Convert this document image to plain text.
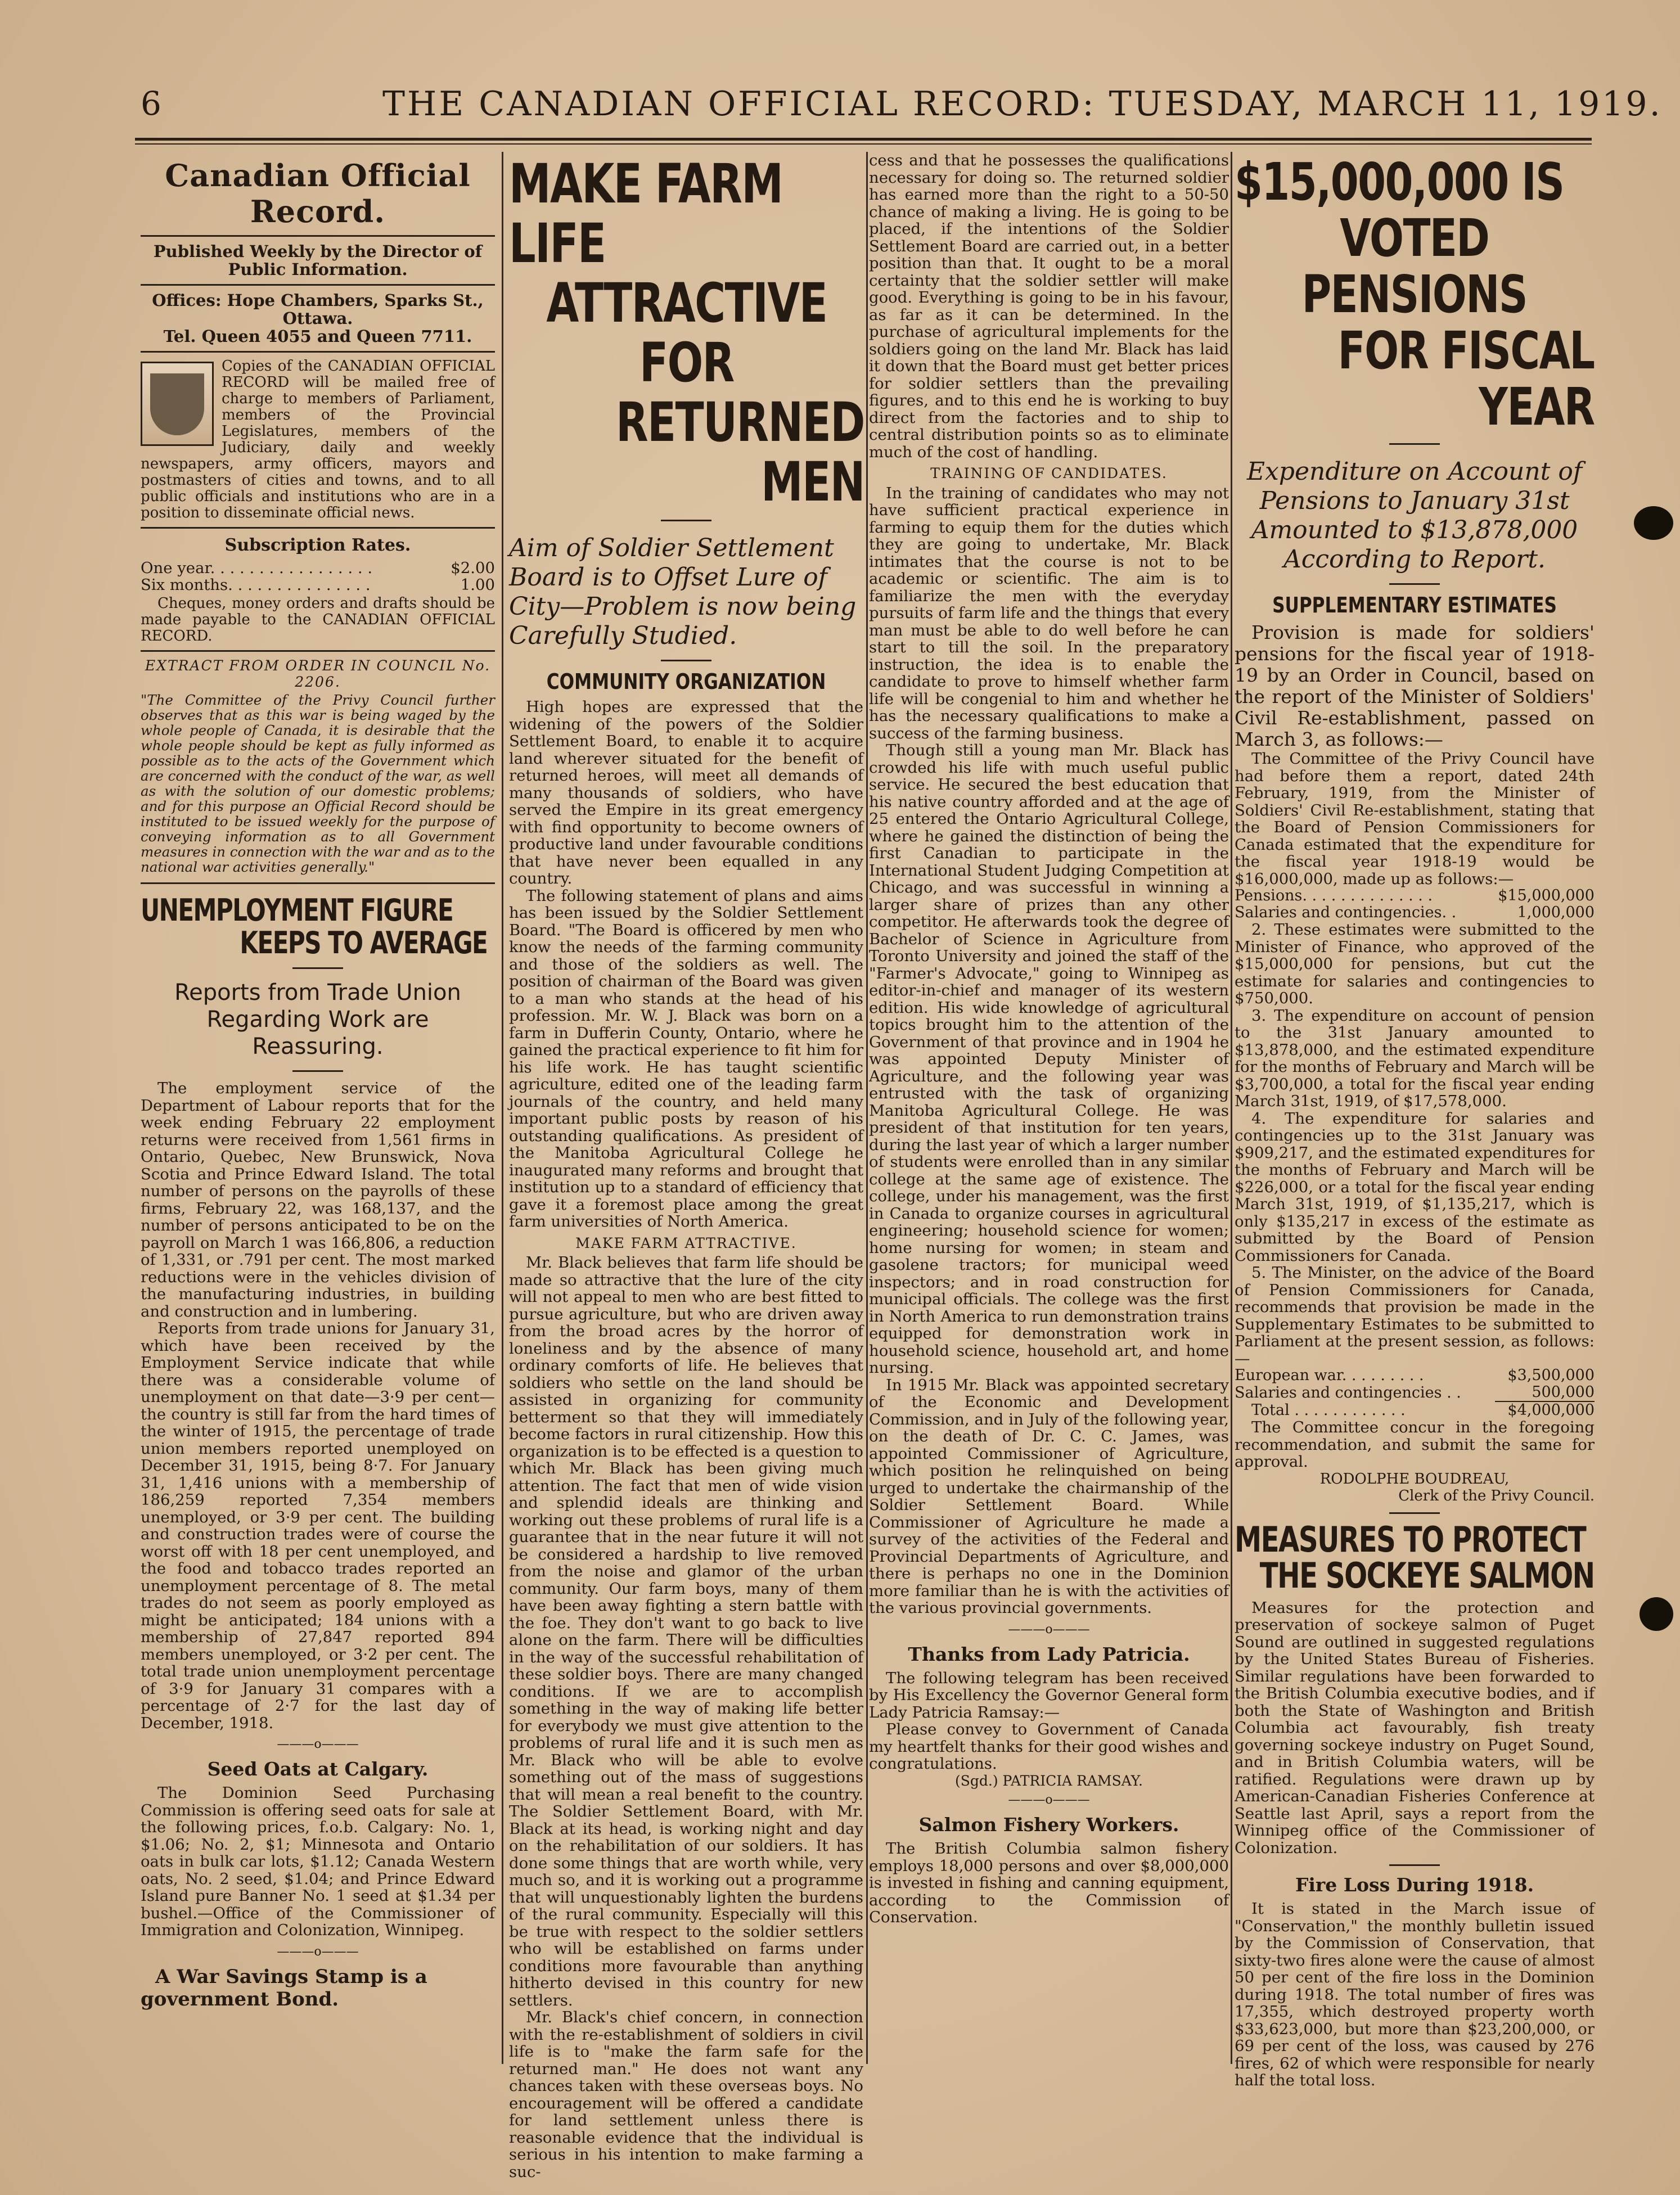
6	THE CANADIAN OFFICIAL RECORD: TUESDAY, MARCH 11, 1919.
Canadian Official Record.
Published Weekly by the Director of Public Information.
Offices: Hope Chambers, Sparks St., Ottawa.
Tel. Queen 4055 and Queen 7711.
Copies of the CANADIAN OFFICIAL RECORD will be mailed free of charge to members of Parliament, members of the Provincial Legislatures, members of the Judiciary, daily and weekly newspapers, army officers, mayors and postmasters of cities and towns, and to all public officials and institutions who are in a position to disseminate official news.
Subscription Rates.
One year. . . . . . . . . . . . . . . . .	$2.00
Six months. . . . . . . . . . . . . . .	1.00

Cheques, money orders and drafts should be made payable to the CANADIAN OFFICIAL RECORD.

EXTRACT FROM ORDER IN COUNCIL No. 2206.
"The Committee of the Privy Council further observes that as this war is being waged by the whole people of Canada, it is desirable that the whole people should be kept as fully informed as possible as to the acts of the Government which are concerned with the conduct of the war, as well as with the solution of our domestic problems; and for this purpose an Official Record should be instituted to be issued weekly for the purpose of conveying information as to all Government measures in connection with the war and as to the national war activities generally."
UNEMPLOYMENT FIGURE
KEEPS TO AVERAGE
Reports from Trade Union Regarding Work are Reassuring.

The employment service of the Department of Labour reports that for the week ending February 22 employment returns were received from 1,561 firms in Ontario, Quebec, New Brunswick, Nova Scotia and Prince Edward Island. The total number of persons on the payrolls of these firms, February 22, was 168,137, and the number of persons anticipated to be on the payroll on March 1 was 166,806, a reduction of 1,331, or .791 per cent. The most marked reductions were in the vehicles division of the manufacturing industries, in building and construction and in lumbering.

Reports from trade unions for January 31, which have been received by the Employment Service indicate that while there was a considerable volume of unemployment on that date—3·9 per cent—the country is still far from the hard times of the winter of 1915, the percentage of trade union members reported unemployed on December 31, 1915, being 8·7. For January 31, 1,416 unions with a membership of 186,259 reported 7,354 members unemployed, or 3·9 per cent. The building and construction trades were of course the worst off with 18 per cent unemployed, and the food and tobacco trades reported an unemployment percentage of 8. The metal trades do not seem as poorly employed as might be anticipated; 184 unions with a membership of 27,847 reported 894 members unemployed, or 3·2 per cent. The total trade union unemployment percentage of 3·9 for January 31 compares with a percentage of 2·7 for the last day of December, 1918.

———o———
Seed Oats at Calgary.

The Dominion Seed Purchasing Commission is offering seed oats for sale at the following prices, f.o.b. Calgary: No. 1, $1.06; No. 2, $1; Minnesota and Ontario oats in bulk car lots, $1.12; Canada Western oats, No. 2 seed, $1.04; and Prince Edward Island pure Banner No. 1 seed at $1.34 per bushel.—Office of the Commissioner of Immigration and Colonization, Winnipeg.

———o———
A War Savings Stamp is a government Bond.
MAKE FARM LIFE
ATTRACTIVE FOR
RETURNED MEN
Aim of Soldier Settlement Board is to Offset Lure of City—Problem is now being Carefully Studied.
COMMUNITY ORGANIZATION

High hopes are expressed that the widening of the powers of the Soldier Settlement Board, to enable it to acquire land wherever situated for the benefit of returned heroes, will meet all demands of many thousands of soldiers, who have served the Empire in its great emergency with find opportunity to become owners of productive land under favourable conditions that have never been equalled in any country.

The following statement of plans and aims has been issued by the Soldier Settlement Board. "The Board is officered by men who know the needs of the farming community and those of the soldiers as well. The position of chairman of the Board was given to a man who stands at the head of his profession. Mr. W. J. Black was born on a farm in Dufferin County, Ontario, where he gained the practical experience to fit him for his life work. He has taught scientific agriculture, edited one of the leading farm journals of the country, and held many important public posts by reason of his outstanding qualifications. As president of the Manitoba Agricultural College he inaugurated many reforms and brought that institution up to a standard of efficiency that gave it a foremost place among the great farm universities of North America.

MAKE FARM ATTRACTIVE.

Mr. Black believes that farm life should be made so attractive that the lure of the city will not appeal to men who are best fitted to pursue agriculture, but who are driven away from the broad acres by the horror of loneliness and by the absence of many ordinary comforts of life. He believes that soldiers who settle on the land should be assisted in organizing for community betterment so that they will immediately become factors in rural citizenship. How this organization is to be effected is a question to which Mr. Black has been giving much attention. The fact that men of wide vision and splendid ideals are thinking and working out these problems of rural life is a guarantee that in the near future it will not be considered a hardship to live removed from the noise and glamor of the urban community. Our farm boys, many of them have been away fighting a stern battle with the foe. They don't want to go back to live alone on the farm. There will be difficulties in the way of the successful rehabilitation of these soldier boys. There are many changed conditions. If we are to accomplish something in the way of making life better for everybody we must give attention to the problems of rural life and it is such men as Mr. Black who will be able to evolve something out of the mass of suggestions that will mean a real benefit to the country. The Soldier Settlement Board, with Mr. Black at its head, is working night and day on the rehabilitation of our soldiers. It has done some things that are worth while, very much so, and it is working out a programme that will unquestionably lighten the burdens of the rural community. Especially will this be true with respect to the soldier settlers who will be established on farms under conditions more favourable than anything hitherto devised in this country for new settlers.

Mr. Black's chief concern, in connection with the re-establishment of soldiers in civil life is to "make the farm safe for the returned man." He does not want any chances taken with these overseas boys. No encouragement will be offered a candidate for land settlement unless there is reasonable evidence that the individual is serious in his intention to make farming a suc-

cess and that he possesses the qualifications necessary for doing so. The returned soldier has earned more than the right to a 50-50 chance of making a living. He is going to be placed, if the intentions of the Soldier Settlement Board are carried out, in a better position than that. It ought to be a moral certainty that the soldier settler will make good. Everything is going to be in his favour, as far as it can be determined. In the purchase of agricultural implements for the soldiers going on the land Mr. Black has laid it down that the Board must get better prices for soldier settlers than the prevailing figures, and to this end he is working to buy direct from the factories and to ship to central distribution points so as to eliminate much of the cost of handling.

TRAINING OF CANDIDATES.

In the training of candidates who may not have sufficient practical experience in farming to equip them for the duties which they are going to undertake, Mr. Black intimates that the course is not to be academic or scientific. The aim is to familiarize the men with the everyday pursuits of farm life and the things that every man must be able to do well before he can start to till the soil. In the preparatory instruction, the idea is to enable the candidate to prove to himself whether farm life will be congenial to him and whether he has the necessary qualifications to make a success of the farming business.

Though still a young man Mr. Black has crowded his life with much useful public service. He secured the best education that his native country afforded and at the age of 25 entered the Ontario Agricultural College, where he gained the distinction of being the first Canadian to participate in the International Student Judging Competition at Chicago, and was successful in winning a larger share of prizes than any other competitor. He afterwards took the degree of Bachelor of Science in Agriculture from Toronto University and joined the staff of the "Farmer's Advocate," going to Winnipeg as editor-in-chief and manager of its western edition. His wide knowledge of agricultural topics brought him to the attention of the Government of that province and in 1904 he was appointed Deputy Minister of Agriculture, and the following year was entrusted with the task of organizing Manitoba Agricultural College. He was president of that institution for ten years, during the last year of which a larger number of students were enrolled than in any similar college at the same age of existence. The college, under his management, was the first in Canada to organize courses in agricultural engineering; household science for women; home nursing for women; in steam and gasolene tractors; for municipal weed inspectors; and in road construction for municipal officials. The college was the first in North America to run demonstration trains equipped for demonstration work in household science, household art, and home nursing.

In 1915 Mr. Black was appointed secretary of the Economic and Development Commission, and in July of the following year, on the death of Dr. C. C. James, was appointed Commissioner of Agriculture, which position he relinquished on being urged to undertake the chairmanship of the Soldier Settlement Board. While Commissioner of Agriculture he made a survey of the activities of the Federal and Provincial Departments of Agriculture, and there is perhaps no one in the Dominion more familiar than he is with the activities of the various provincial governments.

———o———
Thanks from Lady Patricia.

The following telegram has been received by His Excellency the Governor General form Lady Patricia Ramsay:—

Please convey to Government of Canada my heartfelt thanks for their good wishes and congratulations.

(Sgd.) PATRICIA RAMSAY.
———o———
Salmon Fishery Workers.

The British Columbia salmon fishery employs 18,000 persons and over $8,000,000 is invested in fishing and canning equipment, according to the Commission of Conservation.

$15,000,000 IS
VOTED PENSIONS
FOR FISCAL YEAR
Expenditure on Account of Pensions to January 31st Amounted to $13,878,000 According to Report.
SUPPLEMENTARY ESTIMATES

Provision is made for soldiers' pensions for the fiscal year of 1918-19 by an Order in Council, based on the report of the Minister of Soldiers' Civil Re-establishment, passed on March 3, as follows:—

The Committee of the Privy Council have had before them a report, dated 24th February, 1919, from the Minister of Soldiers' Civil Re-establishment, stating that the Board of Pension Commissioners for Canada estimated that the expenditure for the fiscal year 1918-19 would be $16,000,000, made up as follows:—

Pensions. . . . . . . . . . . . . .	$15,000,000
Salaries and contingencies. .	1,000,000

2. These estimates were submitted to the Minister of Finance, who approved of the $15,000,000 for pensions, but cut the estimate for salaries and contingencies to $750,000.

3. The expenditure on account of pension to the 31st January amounted to $13,878,000, and the estimated expenditure for the months of February and March will be $3,700,000, a total for the fiscal year ending March 31st, 1919, of $17,578,000.

4. The expenditure for salaries and contingencies up to the 31st January was $909,217, and the estimated expenditures for the months of February and March will be $226,000, or a total for the fiscal year ending March 31st, 1919, of $1,135,217, which is only $135,217 in excess of the estimate as submitted by the Board of Pension Commissioners for Canada.

5. The Minister, on the advice of the Board of Pension Commissioners for Canada, recommends that provision be made in the Supplementary Estimates to be submitted to Parliament at the present session, as follows:—

European war. . . . . . . . .	$3,500,000
Salaries and contingencies . .	500,000
Total . . . . . . . . . . . .	$4,000,000

The Committee concur in the foregoing recommendation, and submit the same for approval.

RODOLPHE BOUDREAU,
Clerk of the Privy Council.
MEASURES TO PROTECT
THE SOCKEYE SALMON

Measures for the protection and preservation of sockeye salmon of Puget Sound are outlined in suggested regulations by the United States Bureau of Fisheries. Similar regulations have been forwarded to the British Columbia executive bodies, and if both the State of Washington and British Columbia act favourably, fish treaty governing sockeye industry on Puget Sound, and in British Columbia waters, will be ratified. Regulations were drawn up by American-Canadian Fisheries Conference at Seattle last April, says a report from the Winnipeg office of the Commissioner of Colonization.

Fire Loss During 1918.

It is stated in the March issue of "Conservation," the monthly bulletin issued by the Commission of Conservation, that sixty-two fires alone were the cause of almost 50 per cent of the fire loss in the Dominion during 1918. The total number of fires was 17,355, which destroyed property worth $33,623,000, but more than $23,200,000, or 69 per cent of the loss, was caused by 276 fires, 62 of which were responsible for nearly half the total loss.
